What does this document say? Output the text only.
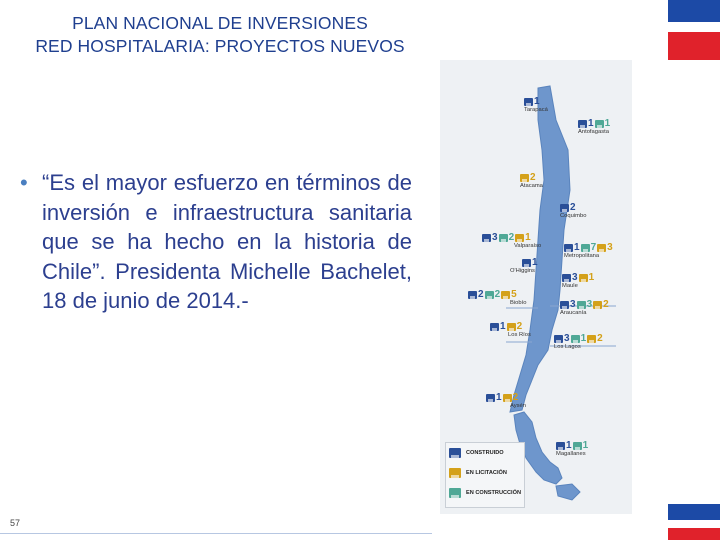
PLAN NACIONAL DE INVERSIONES
RED HOSPITALARIA: PROYECTOS NUEVOS
• “Es el mayor esfuerzo en términos de inversión e infraestructura sanitaria que se ha hecho en la historia de Chile”. Presidenta Michelle Bachelet, 18 de junio de 2014.-
57
1
Tarapacá
1 1
Antofagasta
2
Atacama
2
Coquimbo
3 2 1
Valparaíso	1 7 3
Metropolitana
1
O'Higgins
3 1
Maule
2 2 5
Biobío	3 3 2
Araucanía
1 2
Los Ríos	3 1 2
Los Lagos
1 2
Aysén
1 1
Magallanes
CONSTRUIDO
EN LICITACIÓN
EN CONSTRUCCIÓN
